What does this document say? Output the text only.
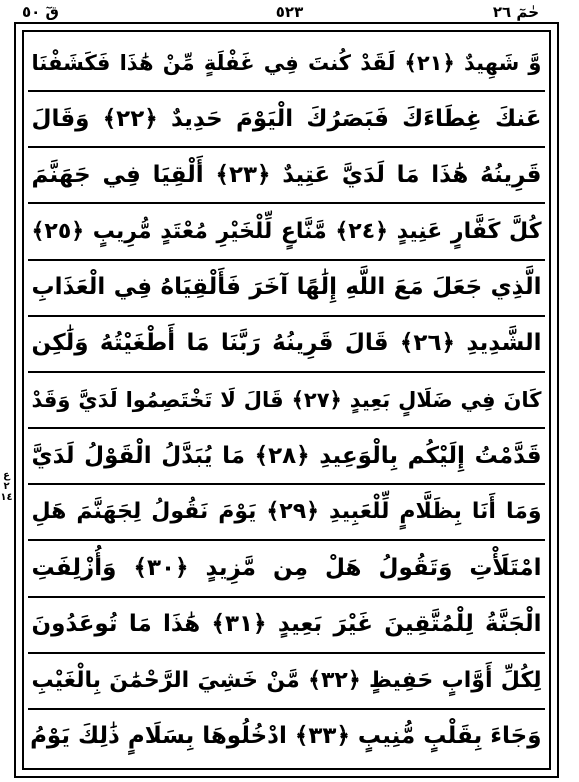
قٓ ٥٠	٥٢٣	حٰمٓ ٢٦
ع ٢ ١٤
وَّ شَهِيدٌ ﴿٢١﴾ لَقَدْ كُنتَ فِي غَفْلَةٍ مِّنْ هَٰذَا فَكَشَفْنَا
عَنكَ غِطَاءَكَ فَبَصَرُكَ الْيَوْمَ حَدِيدٌ ﴿٢٢﴾ وَقَالَ
قَرِينُهُ هَٰذَا مَا لَدَيَّ عَتِيدٌ ﴿٢٣﴾ أَلْقِيَا فِي جَهَنَّمَ
كُلَّ كَفَّارٍ عَنِيدٍ ﴿٢٤﴾ مَّنَّاعٍ لِّلْخَيْرِ مُعْتَدٍ مُّرِيبٍ ﴿٢٥﴾
الَّذِي جَعَلَ مَعَ اللَّهِ إِلَٰهًا آخَرَ فَأَلْقِيَاهُ فِي الْعَذَابِ
الشَّدِيدِ ﴿٢٦﴾ قَالَ قَرِينُهُ رَبَّنَا مَا أَطْغَيْتُهُ وَلَٰكِن
كَانَ فِي ضَلَالٍ بَعِيدٍ ﴿٢٧﴾ قَالَ لَا تَخْتَصِمُوا لَدَيَّ وَقَدْ
قَدَّمْتُ إِلَيْكُم بِالْوَعِيدِ ﴿٢٨﴾ مَا يُبَدَّلُ الْقَوْلُ لَدَيَّ
وَمَا أَنَا بِظَلَّامٍ لِّلْعَبِيدِ ﴿٢٩﴾ يَوْمَ نَقُولُ لِجَهَنَّمَ هَلِ
امْتَلَأْتِ وَتَقُولُ هَلْ مِن مَّزِيدٍ ﴿٣٠﴾ وَأُزْلِفَتِ
الْجَنَّةُ لِلْمُتَّقِينَ غَيْرَ بَعِيدٍ ﴿٣١﴾ هَٰذَا مَا تُوعَدُونَ
لِكُلِّ أَوَّابٍ حَفِيظٍ ﴿٣٢﴾ مَّنْ خَشِيَ الرَّحْمَٰنَ بِالْغَيْبِ
وَجَاءَ بِقَلْبٍ مُّنِيبٍ ﴿٣٣﴾ ادْخُلُوهَا بِسَلَامٍ ذَٰلِكَ يَوْمُ
